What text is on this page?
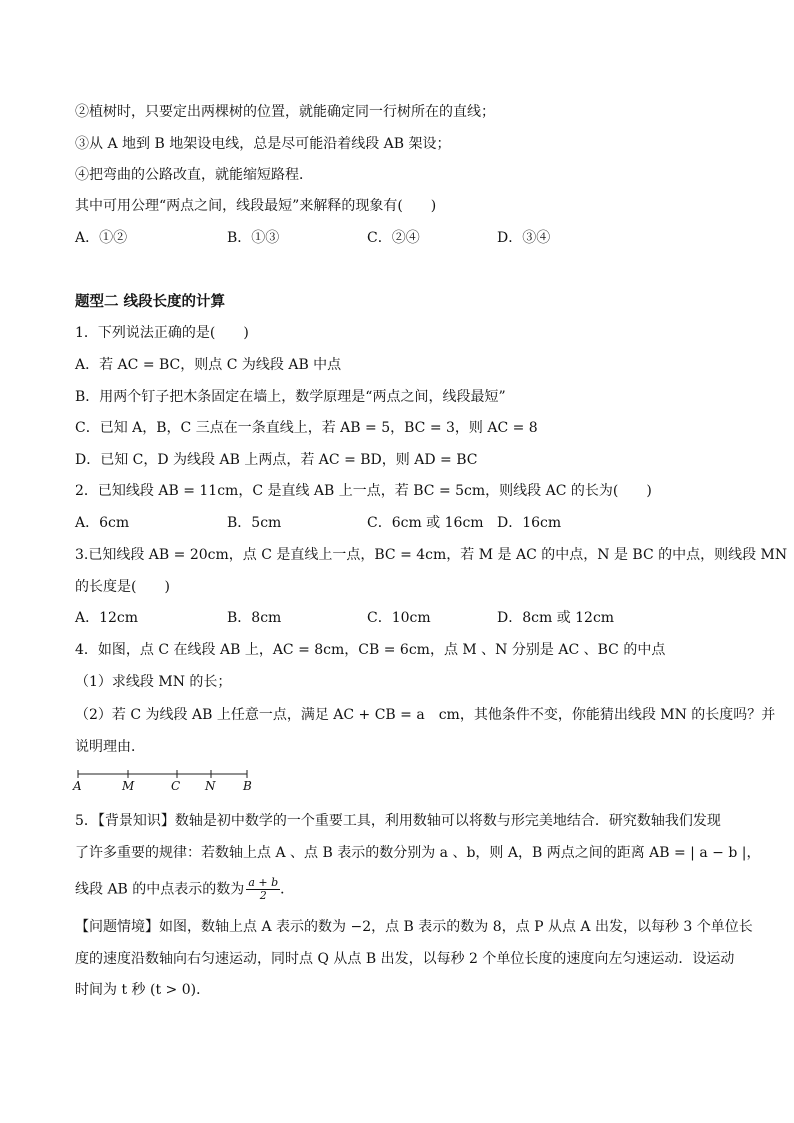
②植树时，只要定出两棵树的位置，就能确定同一行树所在的直线；
③从 A 地到 B 地架设电线，总是尽可能沿着线段 AB 架设；
④把弯曲的公路改直，就能缩短路程．
其中可用公理“两点之间，线段最短”来解释的现象有(　　)
A．①②	B．①③	C．②④	D．③④
题型二 线段长度的计算
1．下列说法正确的是(　　)
A．若 AC = BC，则点 C 为线段 AB 中点
B．用两个钉子把木条固定在墙上，数学原理是“两点之间，线段最短”
C．已知 A，B，C 三点在一条直线上，若 AB = 5，BC = 3，则 AC = 8
D．已知 C，D 为线段 AB 上两点，若 AC = BD，则 AD = BC
2．已知线段 AB = 11cm，C 是直线 AB 上一点，若 BC = 5cm，则线段 AC 的长为(　　)
A．6cm	B．5cm	C．6cm 或 16cm D．16cm
3.已知线段 AB = 20cm，点 C 是直线上一点，BC = 4cm，若 M 是 AC 的中点，N 是 BC 的中点，则线段 MN
的长度是(　　)
A．12cm	B．8cm	C．10cm	D．8cm 或 12cm
4．如图，点 C 在线段 AB 上，AC = 8cm，CB = 6cm，点 M 、N 分别是 AC 、BC 的中点
（1）求线段 MN 的长；
（2）若 C 为线段 AB 上任意一点，满足 AC + CB = a　cm，其他条件不变，你能猜出线段 MN 的长度吗？并
说明理由．
A	M	C N B
5．【背景知识】数轴是初中数学的一个重要工具，利用数轴可以将数与形完美地结合．研究数轴我们发现
了许多重要的规律：若数轴上点 A 、点 B 表示的数分别为 a 、b，则 A，B 两点之间的距离 AB = | a − b |，
线段 AB 的中点表示的数为 $\frac{a + b}{2}$ ．
【问题情境】如图，数轴上点 A 表示的数为 −2，点 B 表示的数为 8，点 P 从点 A 出发，以每秒 3 个单位长
度的速度沿数轴向右匀速运动，同时点 Q 从点 B 出发，以每秒 2 个单位长度的速度向左匀速运动．设运动
时间为 t 秒 (t > 0)．
